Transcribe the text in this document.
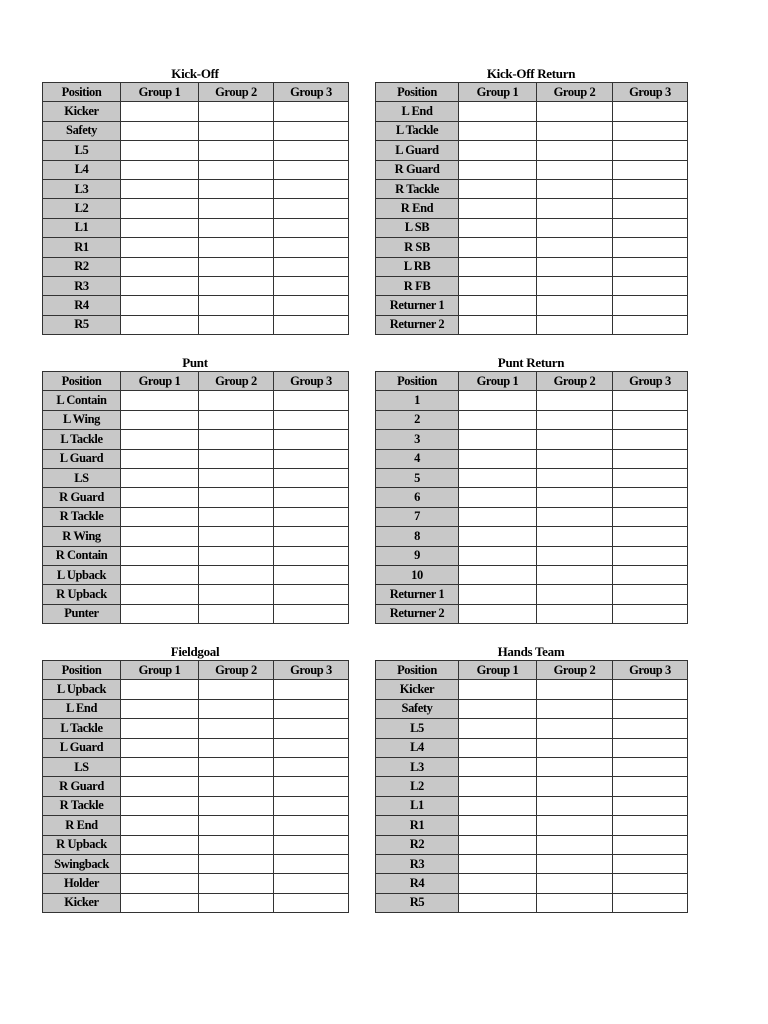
Kick-Off
Position	Group 1	Group 2	Group 3
Kicker			
Safety			
L5			
L4			
L3			
L2			
L1			
R1			
R2			
R3			
R4			
R5			
Kick-Off Return
Position	Group 1	Group 2	Group 3
L End			
L Tackle			
L Guard			
R Guard			
R Tackle			
R End			
L SB			
R SB			
L RB			
R FB			
Returner 1			
Returner 2			
Punt
Position	Group 1	Group 2	Group 3
L Contain			
L Wing			
L Tackle			
L Guard			
LS			
R Guard			
R Tackle			
R Wing			
R Contain			
L Upback			
R Upback			
Punter			
Punt Return
Position	Group 1	Group 2	Group 3
1			
2			
3			
4			
5			
6			
7			
8			
9			
10			
Returner 1			
Returner 2			
Fieldgoal
Position	Group 1	Group 2	Group 3
L Upback			
L End			
L Tackle			
L Guard			
LS			
R Guard			
R Tackle			
R End			
R Upback			
Swingback			
Holder			
Kicker			
Hands Team
Position	Group 1	Group 2	Group 3
Kicker			
Safety			
L5			
L4			
L3			
L2			
L1			
R1			
R2			
R3			
R4			
R5			
